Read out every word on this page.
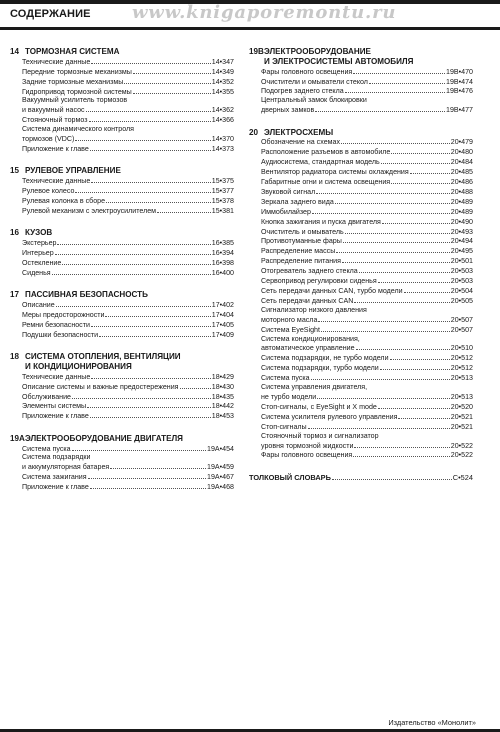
www.knigaporemontu.ru
СОДЕРЖАНИЕ
14 ТОРМОЗНАЯ СИСТЕМА
Технические данные	14•347
Передние тормозные механизмы	14•349
Задние тормозные механизмы	14•352
Гидропривод тормозной системы	14•355
Вакуумный усилитель тормозов
и вакуумный насос	14•362
Стояночный тормоз	14•366
Система динамического контроля
тормозов (VDC)	14•370
Приложение к главе	14•373
15 РУЛЕВОЕ УПРАВЛЕНИЕ
Технические данные	15•375
Рулевое колесо	15•377
Рулевая колонка в сборе	15•378
Рулевой механизм с электроусилителем	15•381
16 КУЗОВ
Экстерьер	16•385
Интерьер	16•394
Остекление	16•398
Сиденья	16•400
17 ПАССИВНАЯ БЕЗОПАСНОСТЬ
Описание	17•402
Меры предосторожности	17•404
Ремни безопасности	17•405
Подушки безопасности	17•409
18 СИСТЕМА ОТОПЛЕНИЯ, ВЕНТИЛЯЦИИ
И КОНДИЦИОНИРОВАНИЯ
Технические данные	18•429
Описание системы и важные предостережения	18•430
Обслуживание	18•435
Элементы системы	18•442
Приложение к главе	18•453
19А ЭЛЕКТРООБОРУДОВАНИЕ ДВИГАТЕЛЯ
Система пуска	19А•454
Система подзарядки
и аккумуляторная батарея	19А•459
Система зажигания	19А•467
Приложение к главе	19А•468
19В ЭЛЕКТРООБОРУДОВАНИЕ
И ЭЛЕКТРОСИСТЕМЫ АВТОМОБИЛЯ
Фары головного освещения	19В•470
Очистители и омыватели стекол	19В•474
Подогрев заднего стекла	19В•476
Центральный замок блокировки
дверных замков	19В•477
20 ЭЛЕКТРОСХЕМЫ
Обозначение на схемах	20•479
Расположение разъемов в автомобиле	20•480
Аудиосистема, стандартная модель	20•484
Вентилятор радиатора системы охлаждения	20•485
Габаритные огни и система освещения	20•486
Звуковой сигнал	20•488
Зеркала заднего вида	20•489
Иммобилайзер	20•489
Кнопка зажигания и пуска двигателя	20•490
Очиститель и омыватель	20•493
Противотуманные фары	20•494
Распределение массы	20•495
Распределение питания	20•501
Отогреватель заднего стекла	20•503
Сервопривод регулировки сиденья	20•503
Сеть передачи данных CAN, турбо модели	20•504
Сеть передачи данных CAN	20•505
Сигнализатор низкого давления
моторного масла	20•507
Система EyeSight	20•507
Система кондиционирования,
автоматическое управление	20•510
Система подзарядки, не турбо модели	20•512
Система подзарядки, турбо модели	20•512
Система пуска	20•513
Система управления двигателя,
не турбо модели	20•513
Стоп-сигналы, с EyeSight и X mode	20•520
Система усилителя рулевого управления	20•521
Стоп-сигналы	20•521
Стояночный тормоз и сигнализатор
уровня тормозной жидкости	20•522
Фары головного освещения	20•522
ТОЛКОВЫЙ СЛОВАРЬ	С•524
Издательство «Монолит»
